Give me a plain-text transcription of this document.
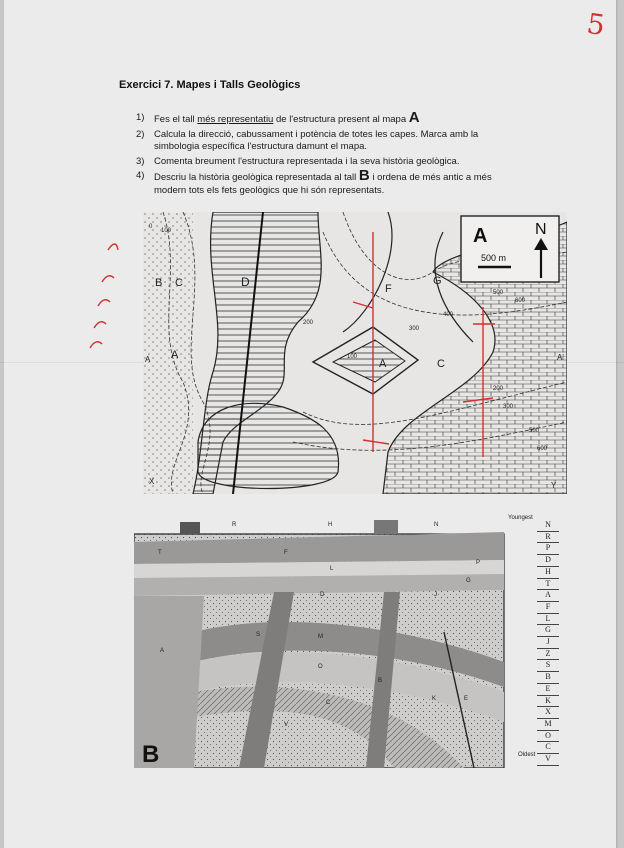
5
Exercici 7. Mapes i Talls Geològics
1) Fes el tall més representatiu de l'estructura present al mapa A
2) Calcula la direcció, cabussament i potència de totes les capes. Marca amb la simbologia específica l'estructura damunt el mapa.
3) Comenta breument l'estructura representada i la seva història geològica.
4) Descriu la història geològica representada al tall B i ordena de més antic a més modern tots els fets geològics que hi són representats.
A	N
500 m
B C	D
A
A	C
F
G
0
100
200
300
400
500
600
100
200
300
500
600
A	A'
X	Y
B
R	H	N
T
P
F
L
G
D
A
M
O
S
C
K	E
V
B
J
Youngest
Oldest
N
R
P
D
H
T
A
F
L
G
J
Z
S
B
E
K
X
M
O
C
V
